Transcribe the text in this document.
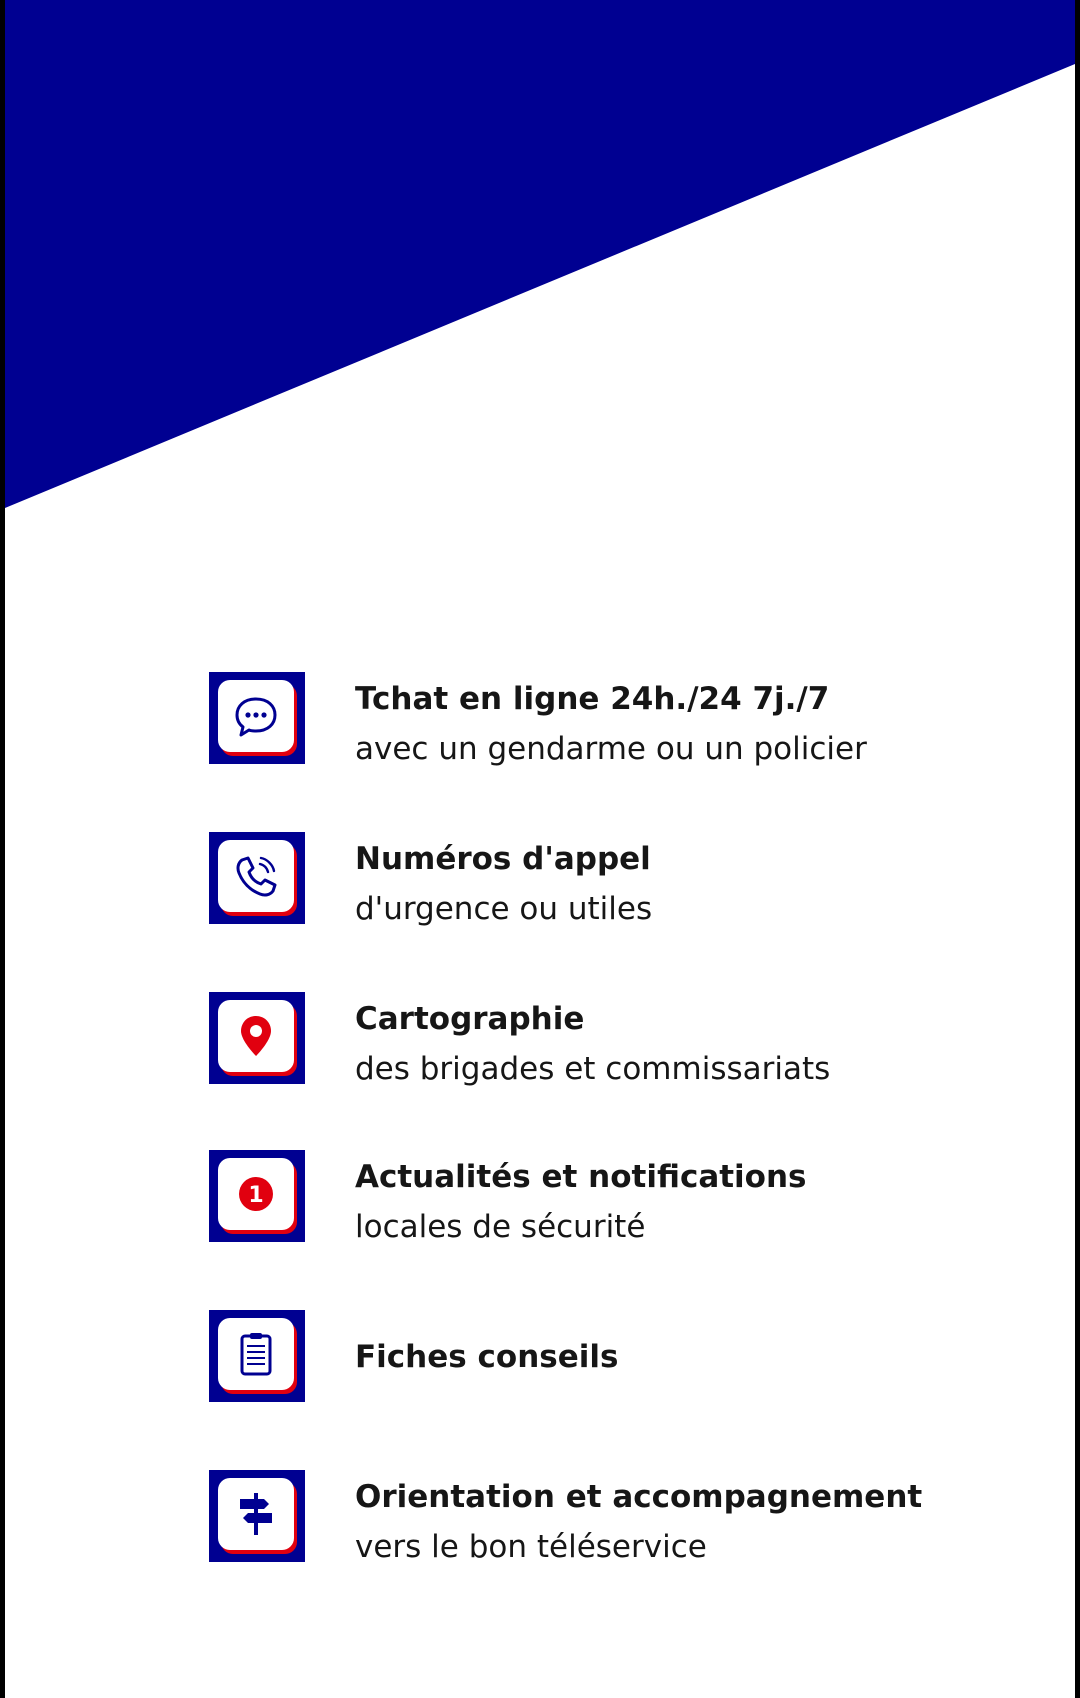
Tchat en ligne 24h./24 7j./7
avec un gendarme ou un policier
Numéros d'appel
d'urgence ou utiles
Cartographie
des brigades et commissariats
1
Actualités et notifications
locales de sécurité
Fiches conseils
Orientation et accompagnement
vers le bon téléservice
